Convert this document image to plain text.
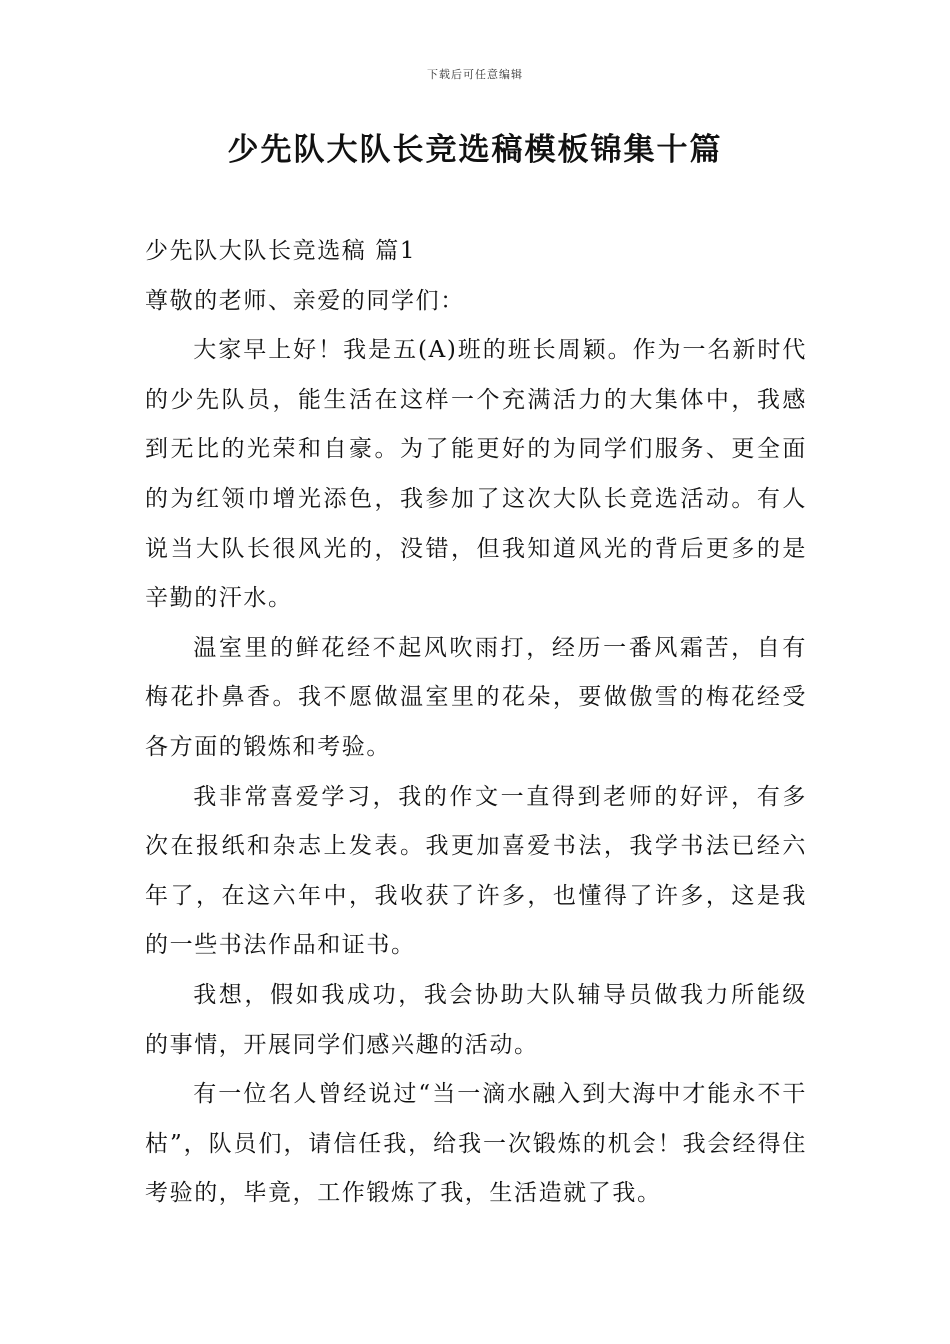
下载后可任意编辑
少先队大队长竞选稿模板锦集十篇

少先队大队长竞选稿 篇1

尊敬的老师、亲爱的同学们：

大家早上好！我是五(A)班的班长周颖。作为一名新时代的少先队员，能生活在这样一个充满活力的大集体中，我感到无比的光荣和自豪。为了能更好的为同学们服务、更全面的为红领巾增光添色，我参加了这次大队长竞选活动。有人说当大队长很风光的，没错，但我知道风光的背后更多的是辛勤的汗水。

温室里的鲜花经不起风吹雨打，经历一番风霜苦，自有梅花扑鼻香。我不愿做温室里的花朵，要做傲雪的梅花经受各方面的锻炼和考验。

我非常喜爱学习，我的作文一直得到老师的好评，有多次在报纸和杂志上发表。我更加喜爱书法，我学书法已经六年了，在这六年中，我收获了许多，也懂得了许多，这是我的一些书法作品和证书。

我想，假如我成功，我会协助大队辅导员做我力所能级的事情，开展同学们感兴趣的活动。

有一位名人曾经说过“当一滴水融入到大海中才能永不干枯”，队员们，请信任我，给我一次锻炼的机会！我会经得住考验的，毕竟，工作锻炼了我，生活造就了我。
